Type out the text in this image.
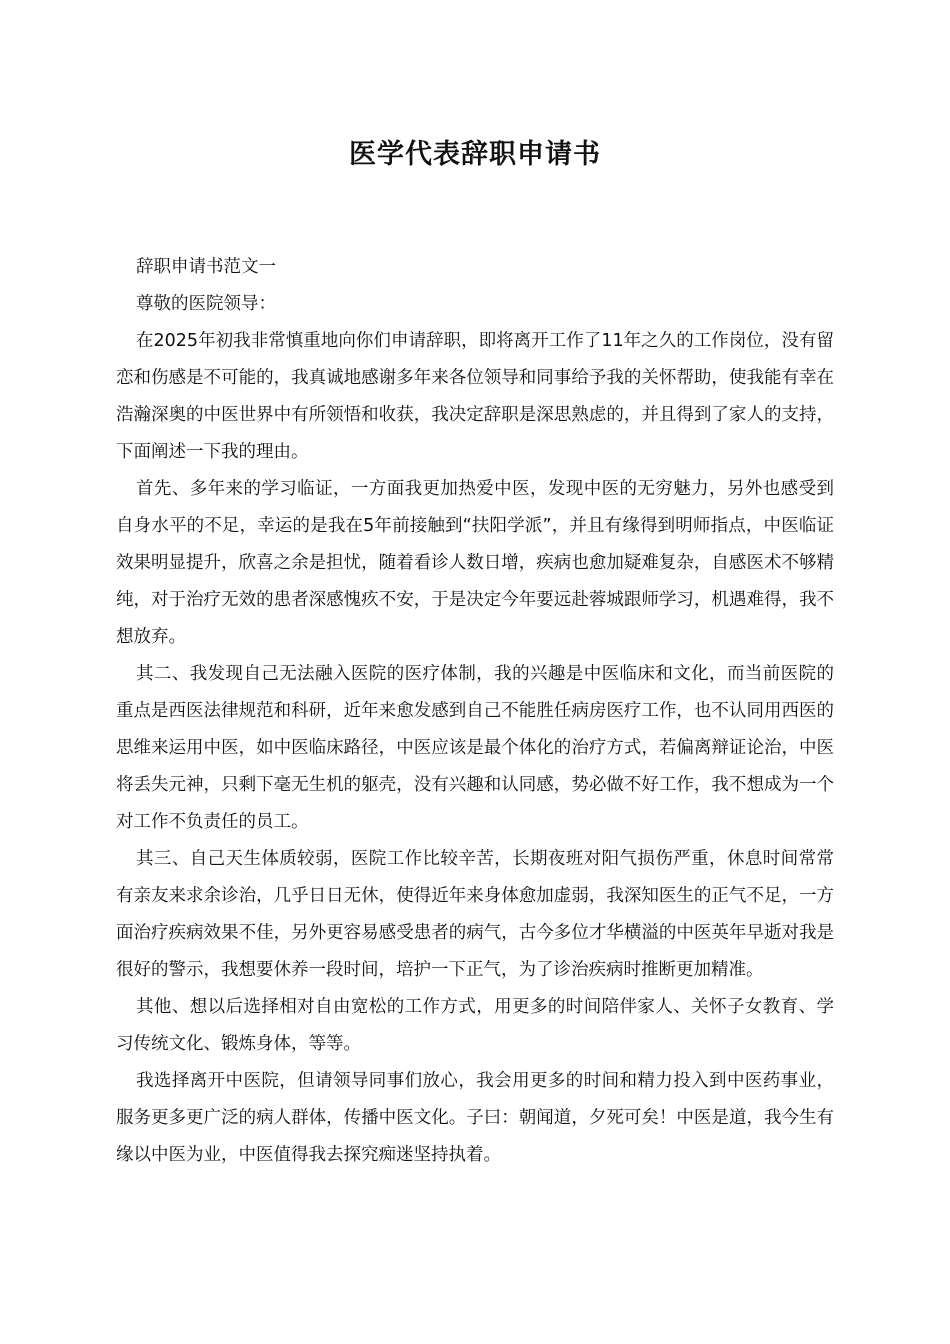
医学代表辞职申请书

辞职申请书范文一

尊敬的医院领导：

在2025年初我非常慎重地向你们申请辞职，即将离开工作了11年之久的工作岗位，没有留恋和伤感是不可能的，我真诚地感谢多年来各位领导和同事给予我的关怀帮助，使我能有幸在浩瀚深奥的中医世界中有所领悟和收获，我决定辞职是深思熟虑的，并且得到了家人的支持，下面阐述一下我的理由。

首先、多年来的学习临证，一方面我更加热爱中医，发现中医的无穷魅力，另外也感受到自身水平的不足，幸运的是我在5年前接触到“扶阳学派”，并且有缘得到明师指点，中医临证效果明显提升，欣喜之余是担忧，随着看诊人数日增，疾病也愈加疑难复杂，自感医术不够精纯，对于治疗无效的患者深感愧疚不安，于是决定今年要远赴蓉城跟师学习，机遇难得，我不想放弃。

其二、我发现自己无法融入医院的医疗体制，我的兴趣是中医临床和文化，而当前医院的重点是西医法律规范和科研，近年来愈发感到自己不能胜任病房医疗工作，也不认同用西医的思维来运用中医，如中医临床路径，中医应该是最个体化的治疗方式，若偏离辩证论治，中医将丢失元神，只剩下毫无生机的躯壳，没有兴趣和认同感，势必做不好工作，我不想成为一个对工作不负责任的员工。

其三、自己天生体质较弱，医院工作比较辛苦，长期夜班对阳气损伤严重，休息时间常常有亲友来求余诊治，几乎日日无休，使得近年来身体愈加虚弱，我深知医生的正气不足，一方面治疗疾病效果不佳，另外更容易感受患者的病气，古今多位才华横溢的中医英年早逝对我是很好的警示，我想要休养一段时间，培护一下正气，为了诊治疾病时推断更加精准。

其他、想以后选择相对自由宽松的工作方式，用更多的时间陪伴家人、关怀子女教育、学习传统文化、锻炼身体，等等。

我选择离开中医院，但请领导同事们放心，我会用更多的时间和精力投入到中医药事业，服务更多更广泛的病人群体，传播中医文化。子曰：朝闻道，夕死可矣！中医是道，我今生有缘以中医为业，中医值得我去探究痴迷坚持执着。
